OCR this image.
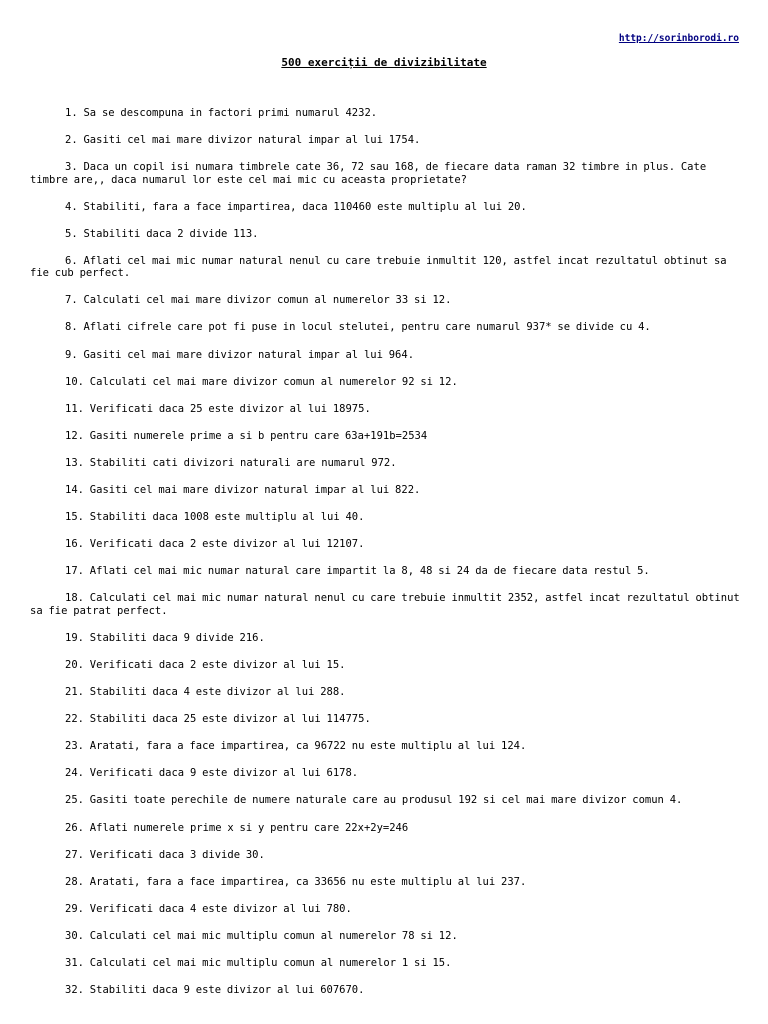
http://sorinborodi.ro
500 exerciții de divizibilitate
1. Sa se descompuna in factori primi numarul 4232.
2. Gasiti cel mai mare divizor natural impar al lui 1754.
3. Daca un copil isi numara timbrele cate 36, 72 sau 168, de fiecare data raman 32 timbre in plus. Cate timbre are,, daca numarul lor este cel mai mic cu aceasta proprietate?
4. Stabiliti, fara a face impartirea, daca 110460 este multiplu al lui 20.
5. Stabiliti daca 2 divide 113.
6. Aflati cel mai mic numar natural nenul cu care trebuie inmultit 120, astfel incat rezultatul obtinut sa fie cub perfect.
7. Calculati cel mai mare divizor comun al numerelor 33 si 12.
8. Aflati cifrele care pot fi puse in locul stelutei, pentru care numarul 937* se divide cu 4.
9. Gasiti cel mai mare divizor natural impar al lui 964.
10. Calculati cel mai mare divizor comun al numerelor 92 si 12.
11. Verificati daca 25 este divizor al lui 18975.
12. Gasiti numerele prime a si b pentru care 63a+191b=2534
13. Stabiliti cati divizori naturali are numarul 972.
14. Gasiti cel mai mare divizor natural impar al lui 822.
15. Stabiliti daca 1008 este multiplu al lui 40.
16. Verificati daca 2 este divizor al lui 12107.
17. Aflati cel mai mic numar natural care impartit la 8, 48 si 24 da de fiecare data restul 5.
18. Calculati cel mai mic numar natural nenul cu care trebuie inmultit 2352, astfel incat rezultatul obtinut sa fie patrat perfect.
19. Stabiliti daca 9 divide 216.
20. Verificati daca 2 este divizor al lui 15.
21. Stabiliti daca 4 este divizor al lui 288.
22. Stabiliti daca 25 este divizor al lui 114775.
23. Aratati, fara a face impartirea, ca 96722 nu este multiplu al lui 124.
24. Verificati daca 9 este divizor al lui 6178.
25. Gasiti toate perechile de numere naturale care au produsul 192 si cel mai mare divizor comun 4.
26. Aflati numerele prime x si y pentru care 22x+2y=246
27. Verificati daca 3 divide 30.
28. Aratati, fara a face impartirea, ca 33656 nu este multiplu al lui 237.
29. Verificati daca 4 este divizor al lui 780.
30. Calculati cel mai mic multiplu comun al numerelor 78 si 12.
31. Calculati cel mai mic multiplu comun al numerelor 1 si 15.
32. Stabiliti daca 9 este divizor al lui 607670.
